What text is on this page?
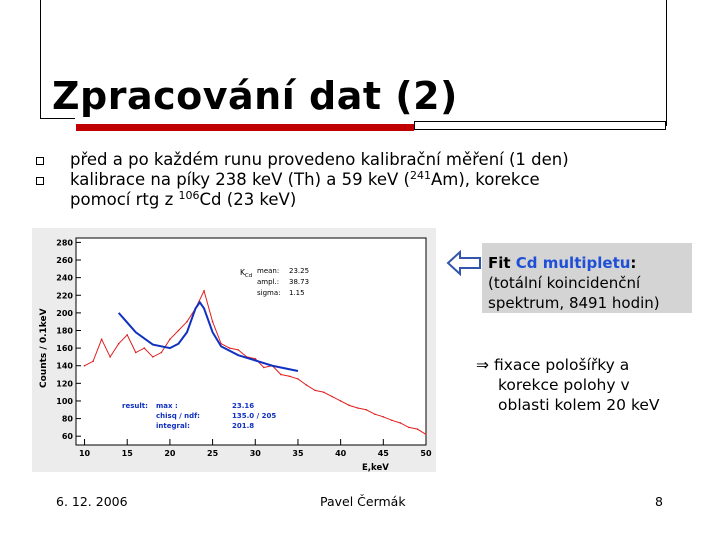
Zpracování dat (2)
před a po každém runu provedeno kalibrační měření (1 den)
kalibrace na píky 238 keV (Th) a 59 keV ($^{241}$Am), korekce
pomocí rtg z $^{106}$Cd (23 keV)
60
80
100
120
140
160
180
200
220
240
260
280
10	15	20	25	30	35	40	45	50
Counts / 0.1keV
E,keV
$K_{Cd}$
mean: 23.25
ampl.: 38.73
sigma: 1.15
result: max :	23.16
chisq / ndf:	135.0 / 205
integral:	201.8
Fit Cd multipletu:
(totální koincidenční
spektrum, 8491 hodin)
⇒ fixace pološířky a
korekce polohy v
oblasti kolem 20 keV
6. 12. 2006	Pavel Čermák	8
